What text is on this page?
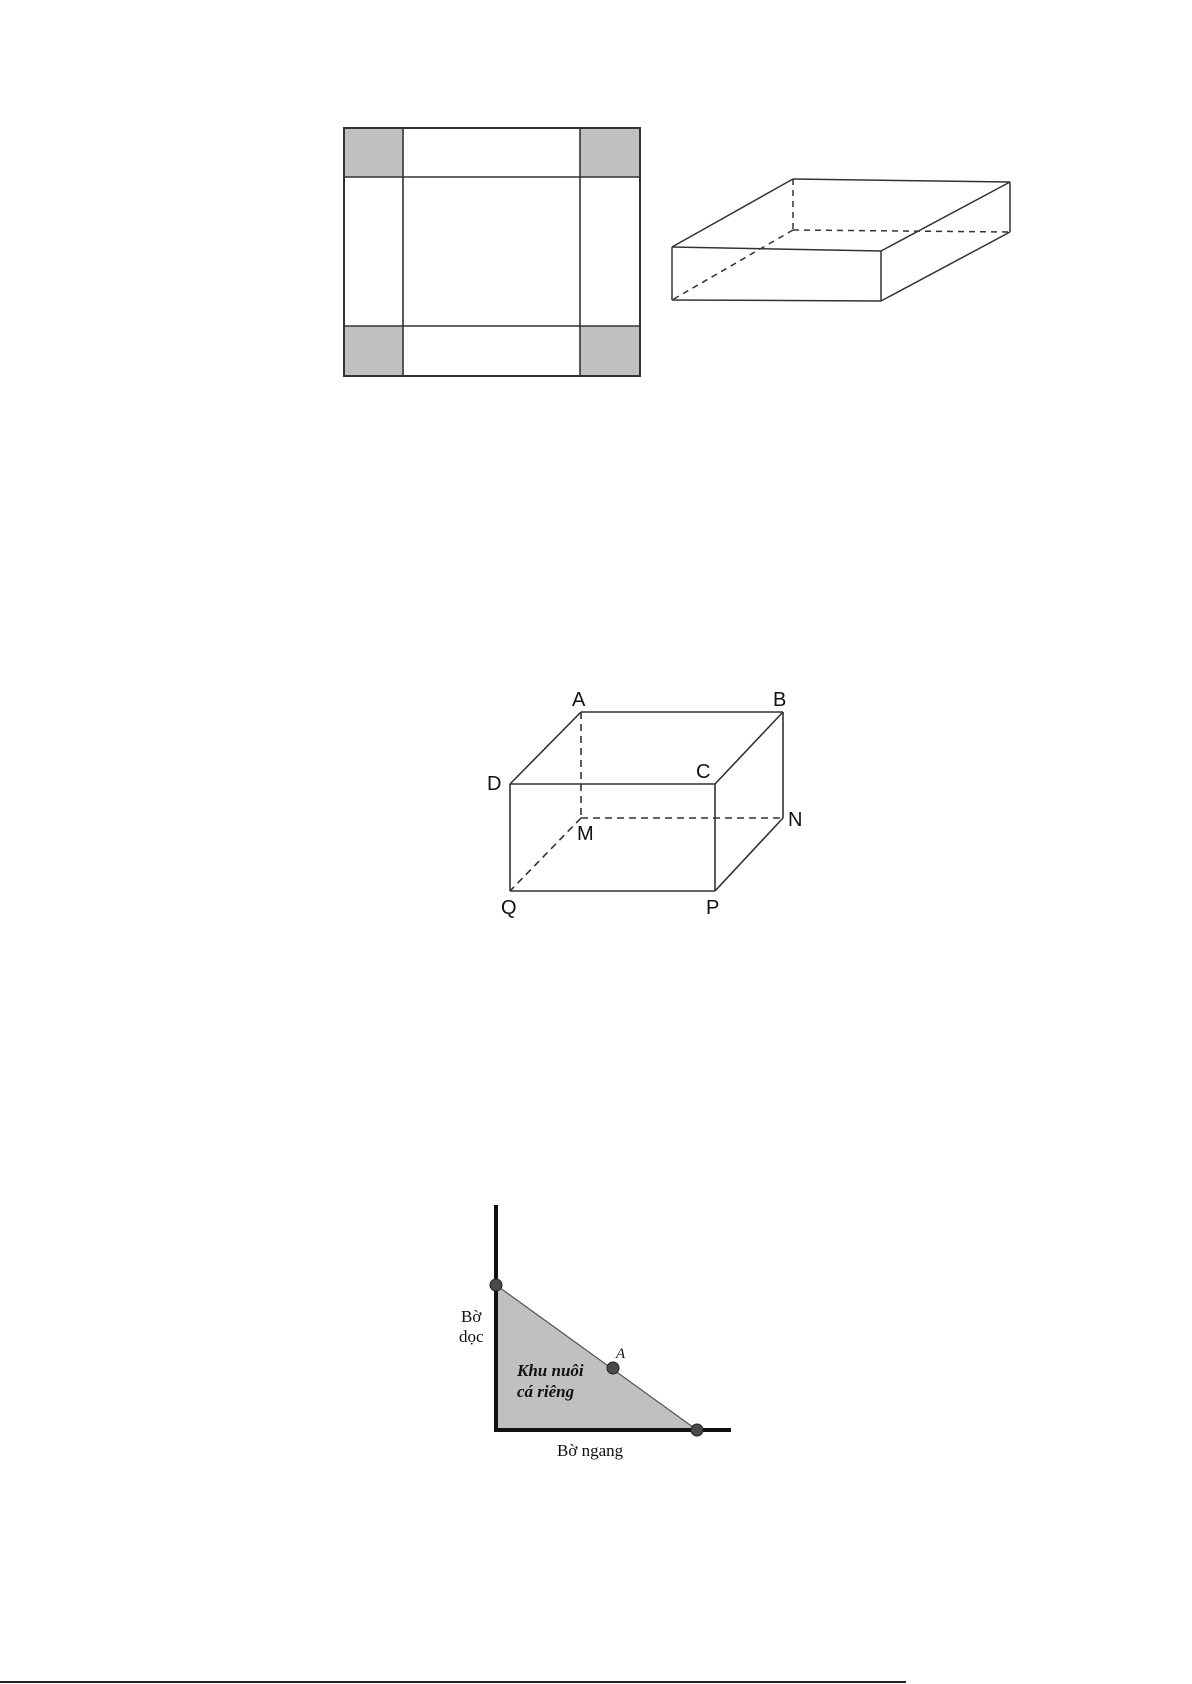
A	B
C
D
M
N
P
Q
Bờ
dọc
Khu nuôi
cá riêng
A
Bờ ngang
